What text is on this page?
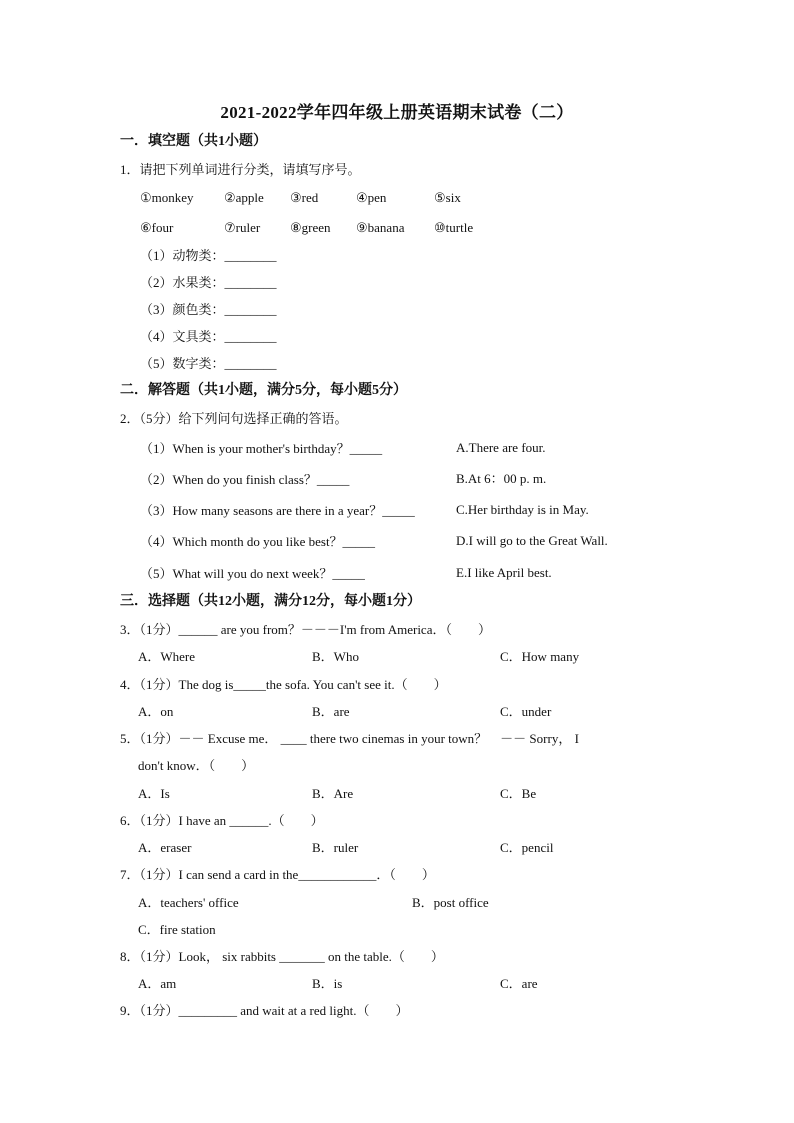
2021-2022学年四年级上册英语期末试卷（二）
一．填空题（共1小题）
1．请把下列单词进行分类，请填写序号。
①monkey ②apple ③red	④pen	⑤six
⑥four	⑦ruler ⑧green ⑨banana ⑩turtle
（1）动物类：________
（2）水果类：________
（3）颜色类：________
（4）文具类：________
（5）数字类：________
二．解答题（共1小题，满分5分，每小题5分）
2．（5分）给下列问句选择正确的答语。
（1）When is your mother's birthday？_____	A.There are four.
（2）When do you finish class？_____	B.At 6：00 p. m.
（3）How many seasons are there in a year？_____	C.Her birthday is in May.
（4）Which month do you like best？_____	D.I will go to the Great Wall.
（5）What will you do next week？_____	E.I like April best.
三．选择题（共12小题，满分12分，每小题1分）
3．（1分）______ are you from？－－－I'm from America．（　　）
A．Where	B．Who	C．How many
4．（1分）The dog is_____the sofa. You can't see it.（　　）
A．on	B．are	C．under
5．（1分）－－ Excuse me． ____ there two cinemas in your town？　－－ Sorry， I
don't know．（　　）
A．Is	B．Are	C．Be
6．（1分）I have an ______.（　　）
A．eraser	B．ruler	C．pencil
7．（1分）I can send a card in the____________．（　　）
A．teachers' office	B．post office
C．fire station
8．（1分）Look， six rabbits _______ on the table.（　　）
A．am	B．is	C．are
9．（1分）_________ and wait at a red light.（　　）
